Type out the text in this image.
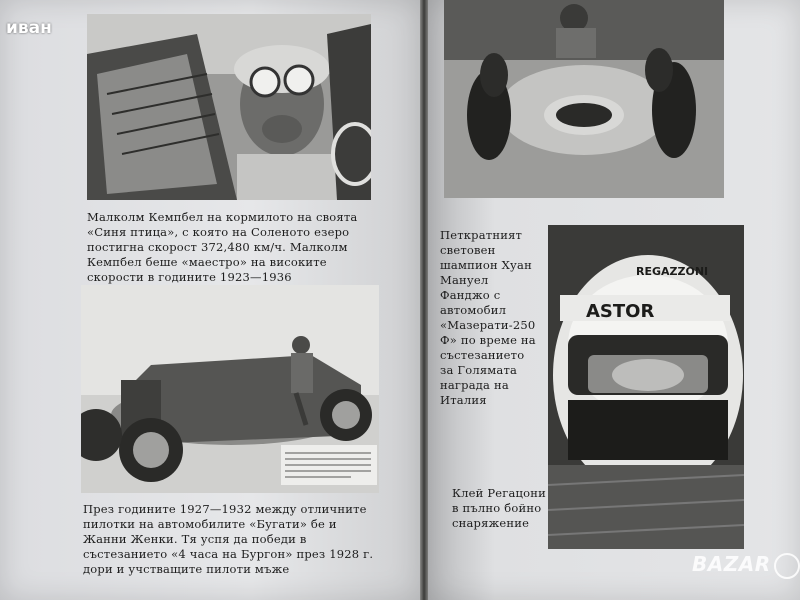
Малколм Кемпбел на кормилото на своята «Синя птица», с която на Соленото езеро постигна скорост 372,480 км/ч. Малколм Кемпбел беше «маестро» на високите скорости в годините 1923—1936
През годините 1927—1932 между отличните пилотки на автомобилите «Бугати» бе и Жанни Женки. Тя успя да победи в състезанието «4 часа на Бургон» през 1928 г. дори и учстващите пилоти мъже
Петкратният световен шампион Хуан Мануел Фанджо с автомобил «Мазерати-250 Ф» по време на състезанието за Голямата награда на Италия
REGAZZONI
ASTOR
Клей Регацони в пълно бойно снаряжение
иван
BAZAR
